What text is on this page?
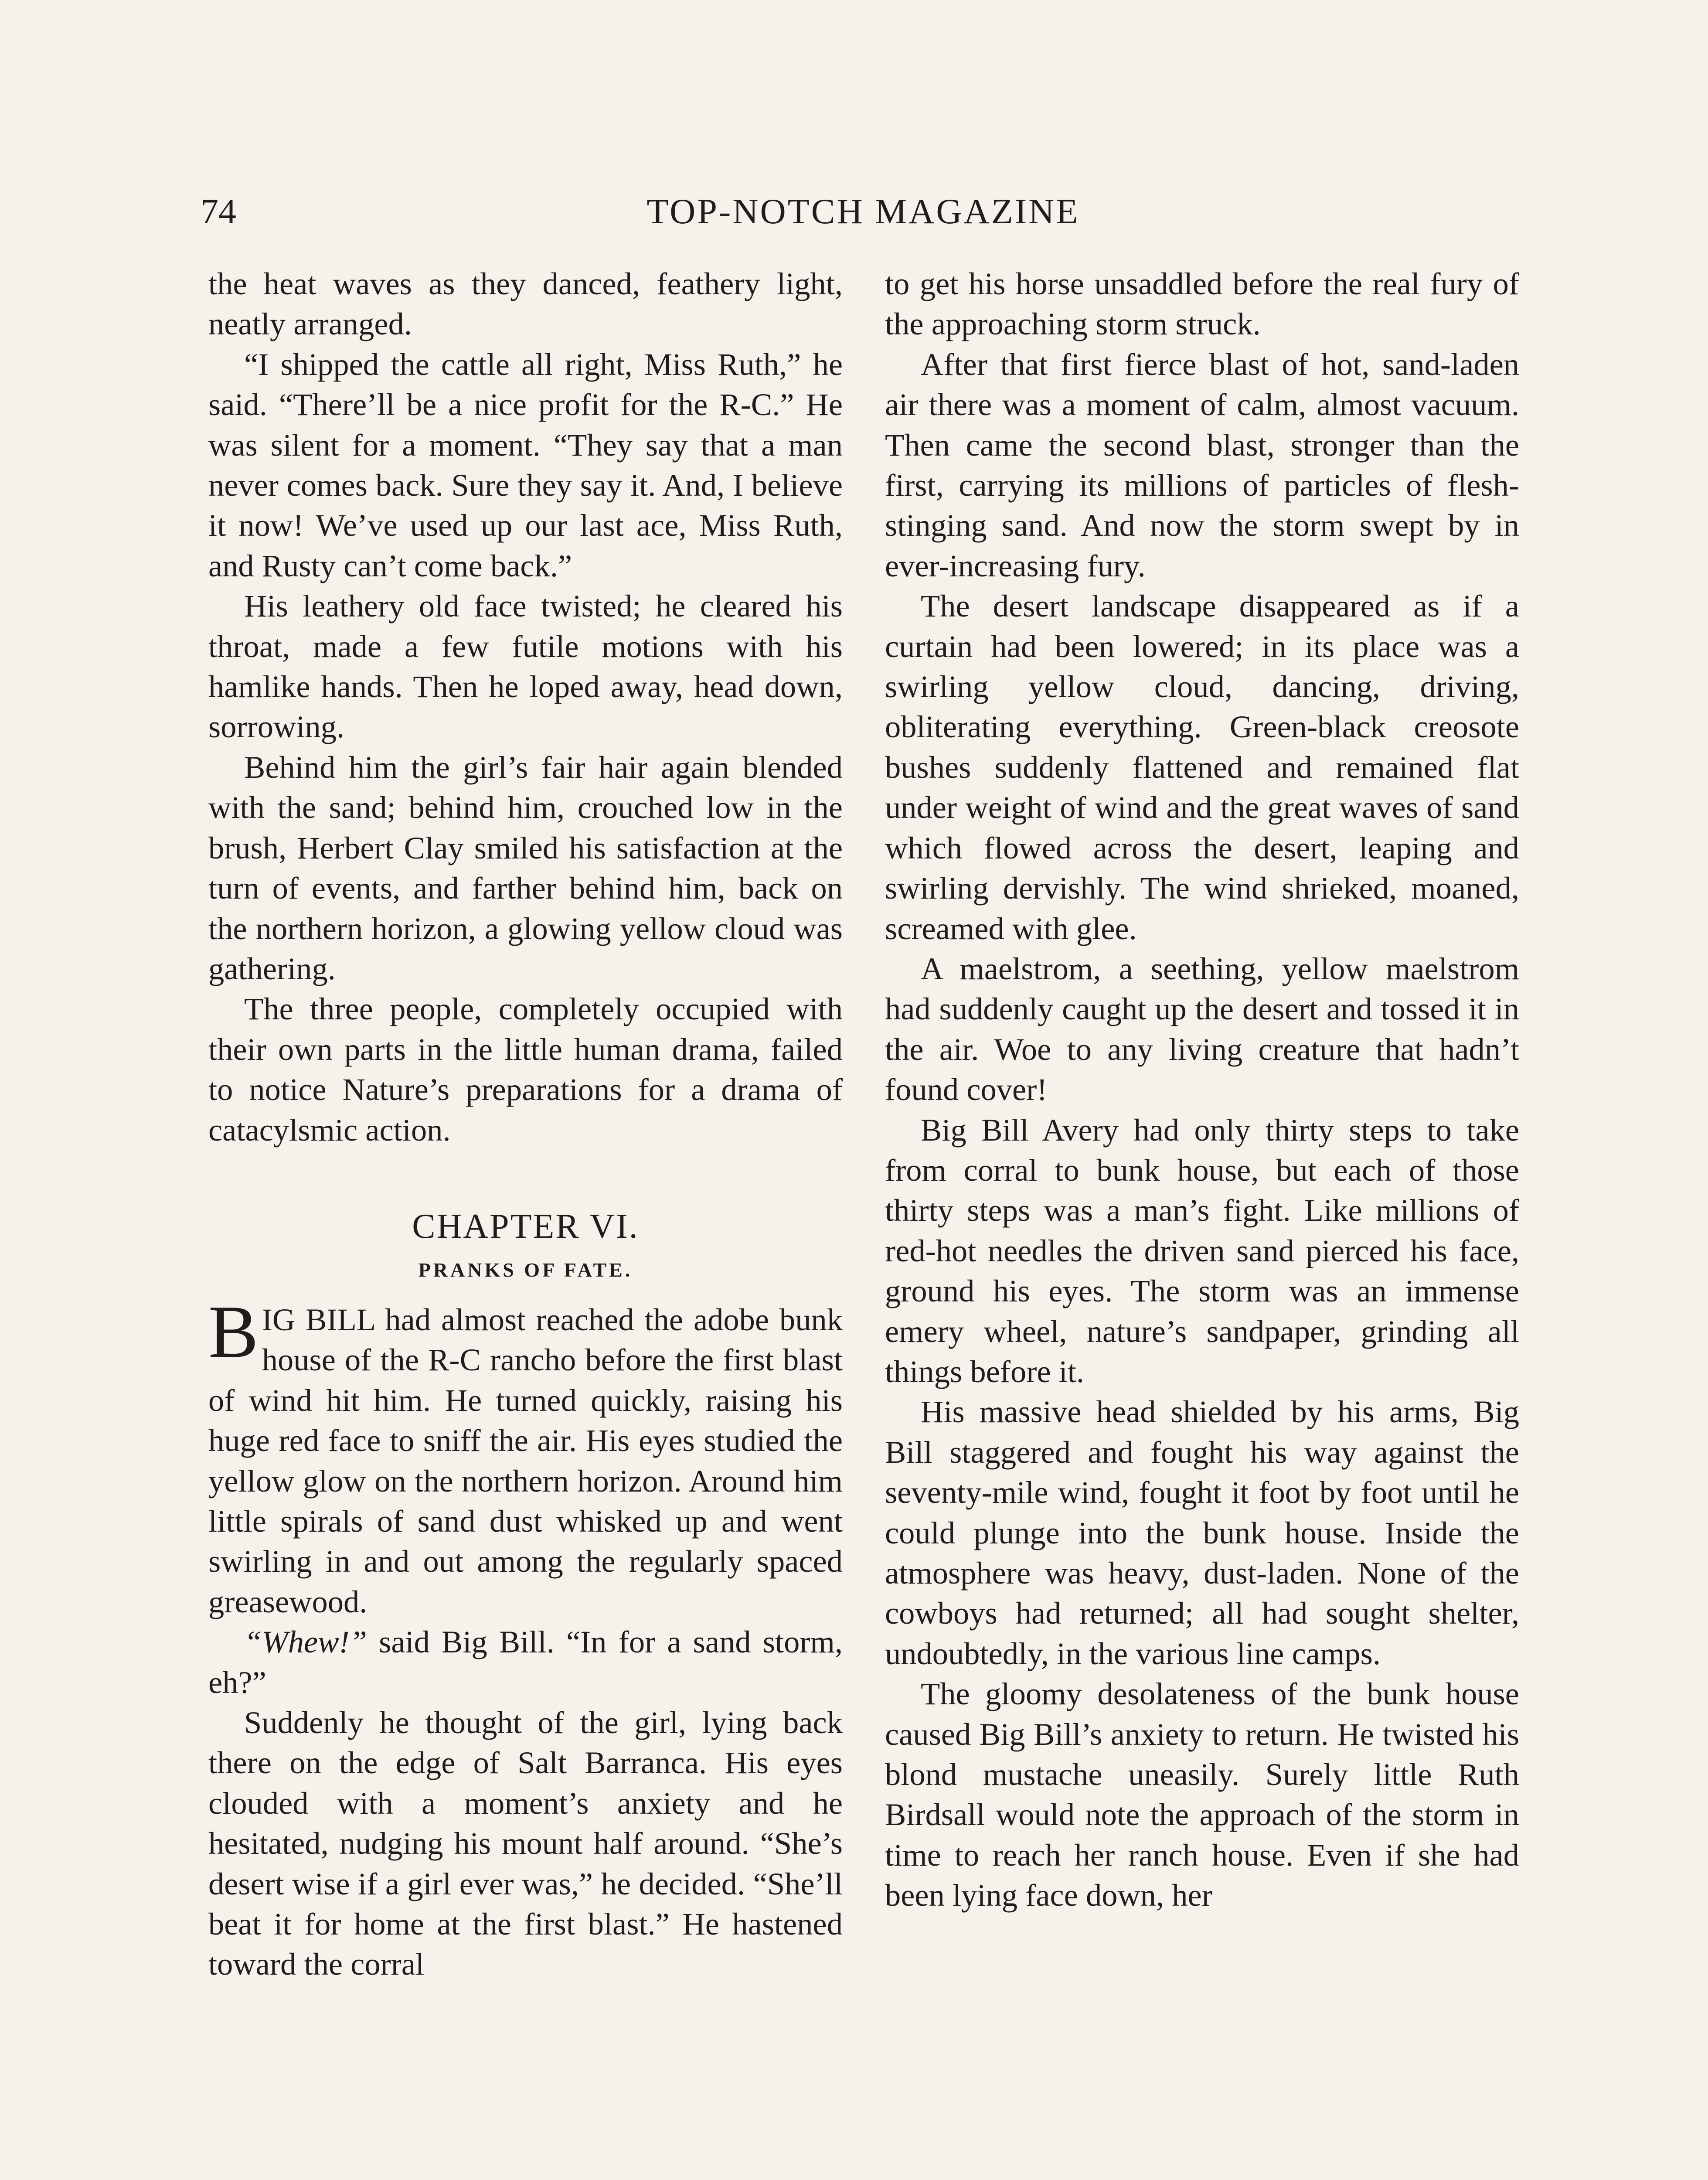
74	TOP-NOTCH MAGAZINE

the heat waves as they danced, feathery light, neatly arranged.

“I shipped the cattle all right, Miss Ruth,” he said. “There’ll be a nice profit for the R-C.” He was silent for a moment. “They say that a man never comes back. Sure they say it. And, I believe it now! We’ve used up our last ace, Miss Ruth, and Rusty can’t come back.”

His leathery old face twisted; he cleared his throat, made a few futile motions with his hamlike hands. Then he loped away, head down, sorrowing.

Behind him the girl’s fair hair again blended with the sand; behind him, crouched low in the brush, Herbert Clay smiled his satisfaction at the turn of events, and farther behind him, back on the northern horizon, a glowing yellow cloud was gathering.

The three people, completely occupied with their own parts in the little human drama, failed to notice Nature’s preparations for a drama of catacylsmic action.

CHAPTER VI.
PRANKS OF FATE.

BIG BILL had almost reached the adobe bunk house of the R-C rancho before the first blast of wind hit him. He turned quickly, raising his huge red face to sniff the air. His eyes studied the yellow glow on the northern horizon. Around him little spirals of sand dust whisked up and went swirling in and out among the regularly spaced greasewood.

“Whew!” said Big Bill. “In for a sand storm, eh?”

Suddenly he thought of the girl, lying back there on the edge of Salt Barranca. His eyes clouded with a moment’s anxiety and he hesitated, nudging his mount half around. “She’s desert wise if a girl ever was,” he decided. “She’ll beat it for home at the first blast.” He hastened toward the corral

to get his horse unsaddled before the real fury of the approaching storm struck.

After that first fierce blast of hot, sand-laden air there was a moment of calm, almost vacuum. Then came the second blast, stronger than the first, carrying its millions of particles of flesh-stinging sand. And now the storm swept by in ever-increasing fury.

The desert landscape disappeared as if a curtain had been lowered; in its place was a swirling yellow cloud, dancing, driving, obliterating everything. Green-black creosote bushes suddenly flattened and remained flat under weight of wind and the great waves of sand which flowed across the desert, leaping and swirling dervishly. The wind shrieked, moaned, screamed with glee.

A maelstrom, a seething, yellow maelstrom had suddenly caught up the desert and tossed it in the air. Woe to any living creature that hadn’t found cover!

Big Bill Avery had only thirty steps to take from corral to bunk house, but each of those thirty steps was a man’s fight. Like millions of red-hot needles the driven sand pierced his face, ground his eyes. The storm was an immense emery wheel, nature’s sandpaper, grinding all things before it.

His massive head shielded by his arms, Big Bill staggered and fought his way against the seventy-mile wind, fought it foot by foot until he could plunge into the bunk house. Inside the atmosphere was heavy, dust-laden. None of the cowboys had returned; all had sought shelter, undoubtedly, in the various line camps.

The gloomy desolateness of the bunk house caused Big Bill’s anxiety to return. He twisted his blond mustache uneasily. Surely little Ruth Birdsall would note the approach of the storm in time to reach her ranch house. Even if she had been lying face down, her
